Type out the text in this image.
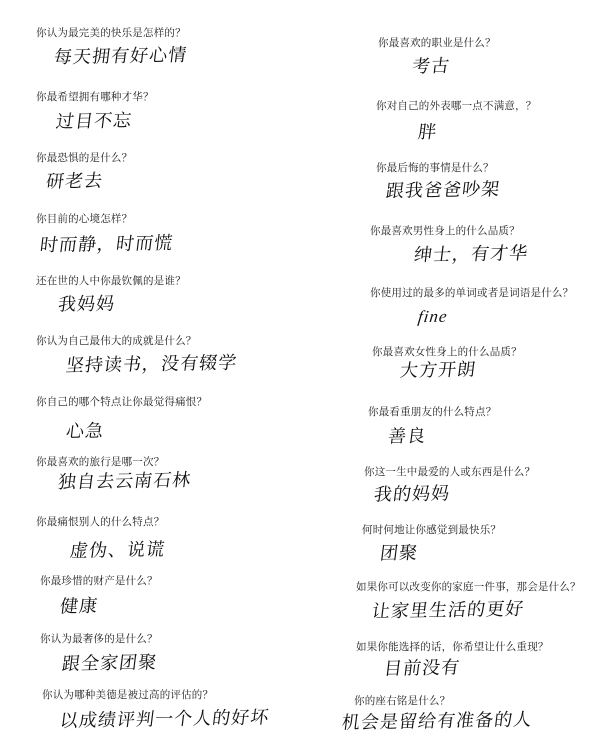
你认为最完美的快乐是怎样的？
每天拥有好心情
你最希望拥有哪种才华？
过目不忘
你最恐惧的是什么？
研老去
你目前的心境怎样？
时而静，时而慌
还在世的人中你最钦佩的是谁？
我妈妈
你认为自己最伟大的成就是什么？
坚持读书，没有辍学
你自己的哪个特点让你最觉得痛恨？
心急
你最喜欢的旅行是哪一次？
独自去云南石林
你最痛恨别人的什么特点？
虚伪、说谎
你最珍惜的财产是什么？
健康
你认为最奢侈的是什么？
跟全家团聚
你认为哪种美德是被过高的评估的？
以成绩评判一个人的好坏
你最喜欢的职业是什么？
考古
你对自己的外表哪一点不满意，？
胖
你最后悔的事情是什么？
跟我爸爸吵架
你最喜欢男性身上的什么品质？
绅士，有才华
你使用过的最多的单词或者是词语是什么？
fine
你最喜欢女性身上的什么品质？
大方开朗
你最看重朋友的什么特点？
善良
你这一生中最爱的人或东西是什么？
我的妈妈
何时何地让你感觉到最快乐？
团聚
如果你可以改变你的家庭一件事，那会是什么？
让家里生活的更好
如果你能选择的话，你希望让什么重现？
目前没有
你的座右铭是什么？
机会是留给有准备的人
